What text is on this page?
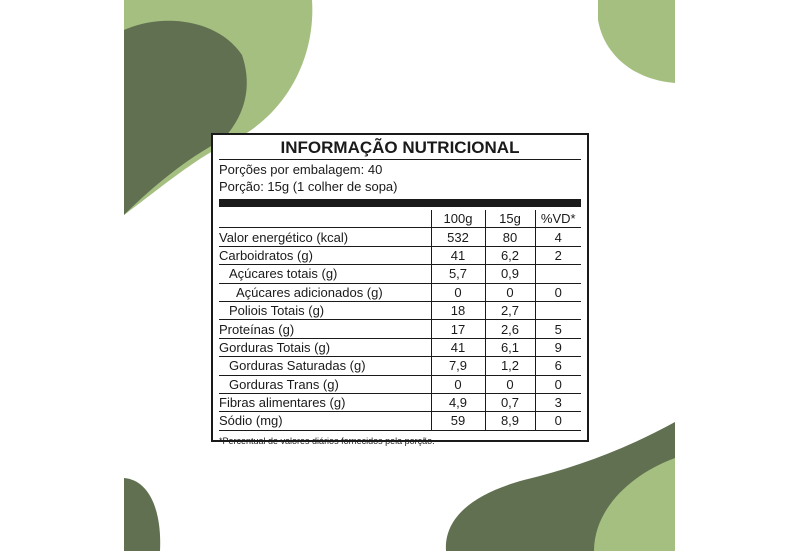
INFORMAÇÃO NUTRICIONAL
Porções por embalagem: 40
Porção: 15g (1 colher de sopa)
	100g	15g	%VD*
Valor energético (kcal)	532	80	4
Carboidratos (g)	41	6,2	2
Açúcares totais (g)	5,7	0,9	
Açúcares adicionados (g)	0	0	0
Poliois Totais (g)	18	2,7	
Proteínas (g)	17	2,6	5
Gorduras Totais (g)	41	6,1	9
Gorduras Saturadas (g)	7,9	1,2	6
Gorduras Trans (g)	0	0	0
Fibras alimentares (g)	4,9	0,7	3
Sódio (mg)	59	8,9	0
*Percentual de valores diários fornecidos pela porção.
